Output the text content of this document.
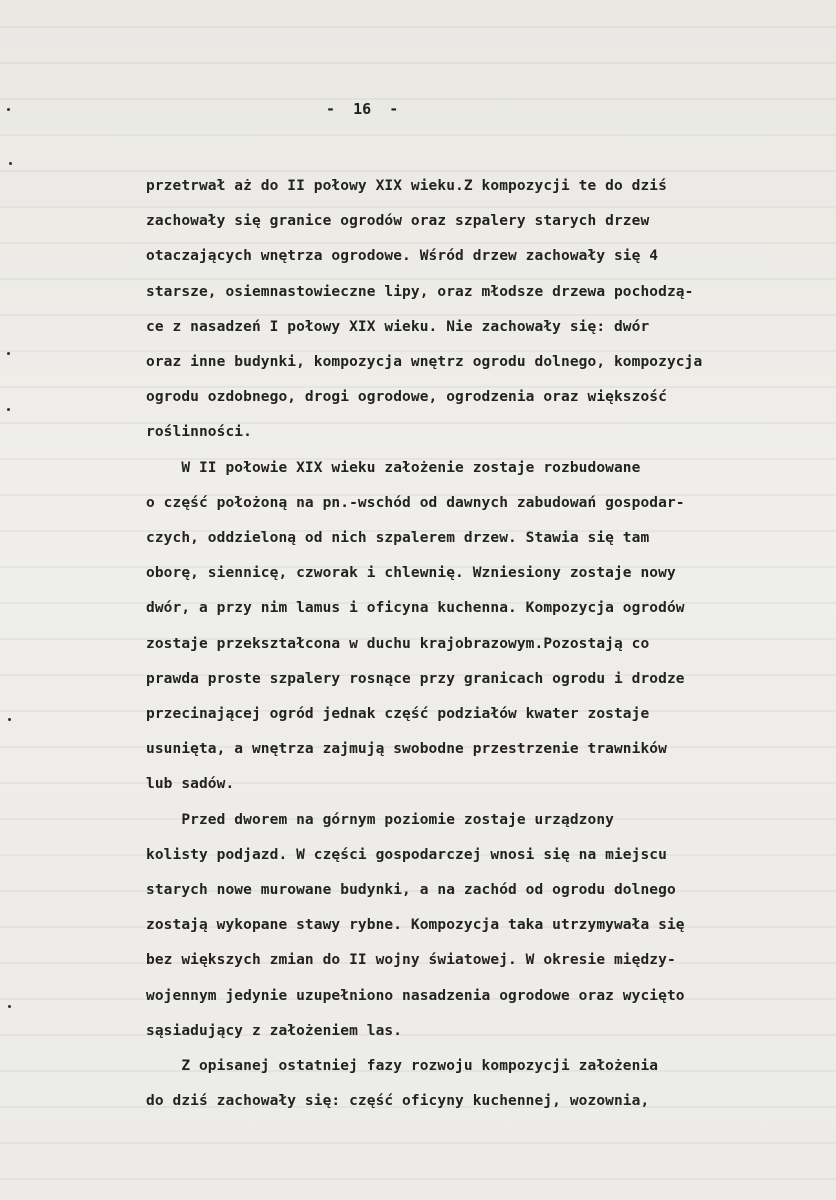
-  16  -
przetrwał aż do II połowy XIX wieku.Z kompozycji te do dziś
zachowały się granice ogrodów oraz szpalery starych drzew
otaczających wnętrza ogrodowe. Wśród drzew zachowały się 4
starsze, osiemnastowieczne lipy, oraz młodsze drzewa pochodzą-
ce z nasadzeń I połowy XIX wieku. Nie zachowały się: dwór
oraz inne budynki, kompozycja wnętrz ogrodu dolnego, kompozycja
ogrodu ozdobnego, drogi ogrodowe, ogrodzenia oraz większość
roślinności.
W II połowie XIX wieku założenie zostaje rozbudowane
o część położoną na pn.-wschód od dawnych zabudowań gospodar-
czych, oddzieloną od nich szpalerem drzew. Stawia się tam
oborę, siennicę, czworak i chlewnię. Wzniesiony zostaje nowy
dwór, a przy nim lamus i oficyna kuchenna. Kompozycja ogrodów
zostaje przekształcona w duchu krajobrazowym.Pozostają co
prawda proste szpalery rosnące przy granicach ogrodu i drodze
przecinającej ogród jednak część podziałów kwater zostaje
usunięta, a wnętrza zajmują swobodne przestrzenie trawników
lub sadów.
Przed dworem na górnym poziomie zostaje urządzony
kolisty podjazd. W części gospodarczej wnosi się na miejscu
starych nowe murowane budynki, a na zachód od ogrodu dolnego
zostają wykopane stawy rybne. Kompozycja taka utrzymywała się
bez większych zmian do II wojny światowej. W okresie między-
wojennym jedynie uzupełniono nasadzenia ogrodowe oraz wycięto
sąsiadujący z założeniem las.
Z opisanej ostatniej fazy rozwoju kompozycji założenia
do dziś zachowały się: część oficyny kuchennej, wozownia,
